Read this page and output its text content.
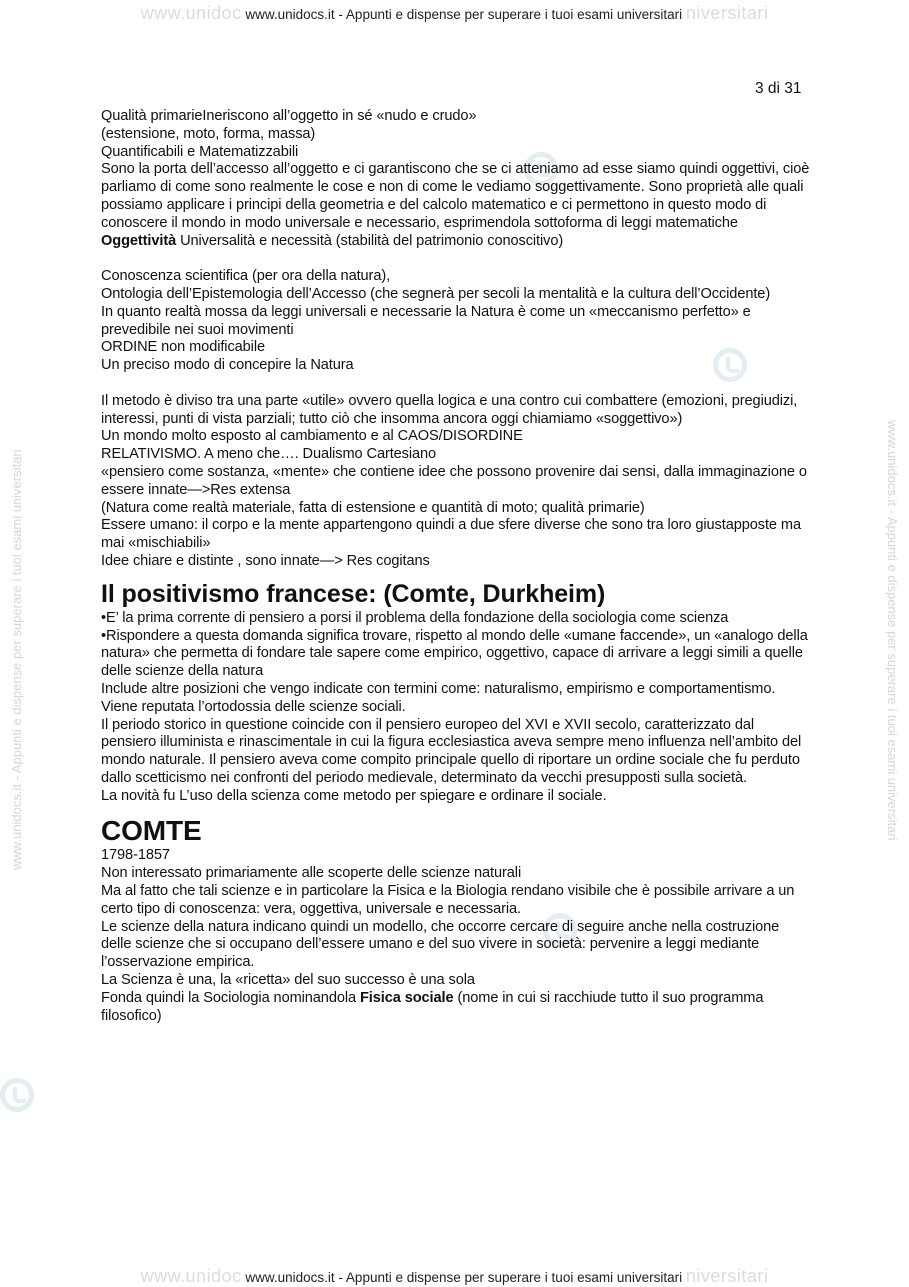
www.unidoc www.unidocs.it - Appunti e dispense per superare i tuoi esami universitari niversitari
www.unidoc www.unidocs.it - Appunti e dispense per superare i tuoi esami universitari niversitari
www.unidocs.it - Appunti e dispense per superare i tuoi esami universitari	www.unidocs.it - Appunti e dispense per superare i tuoi esami universitari
3 di 31

Qualità primarieIneriscono all’oggetto in sé «nudo e crudo»

(estensione, moto, forma, massa)

Quantificabili e Matematizzabili

Sono la porta dell’accesso all’oggetto e ci garantiscono che se ci atteniamo ad esse siamo quindi oggettivi, cioè parliamo di come sono realmente le cose e non di come le vediamo soggettivamente. Sono proprietà alle quali possiamo applicare i principi della geometria e del calcolo matematico e ci permettono in questo modo di conoscere il mondo in modo universale e necessario, esprimendola sottoforma di leggi matematiche

Oggettività Universalità e necessità (stabilità del patrimonio conoscitivo)

Conoscenza scientifica (per ora della natura),

Ontologia dell’Epistemologia dell’Accesso (che segnerà per secoli la mentalità e la cultura dell’Occidente)

In quanto realtà mossa da leggi universali e necessarie la Natura è come un «meccanismo perfetto» e prevedibile nei suoi movimenti

ORDINE non modificabile

Un preciso modo di concepire la Natura

Il metodo è diviso tra una parte «utile» ovvero quella logica e una contro cui combattere (emozioni, pregiudizi, interessi, punti di vista parziali; tutto ciò che insomma ancora oggi chiamiamo «soggettivo»)

Un mondo molto esposto al cambiamento e al CAOS/DISORDINE

RELATIVISMO. A meno che…. Dualismo Cartesiano

«pensiero come sostanza, «mente» che contiene idee che possono provenire dai sensi, dalla immaginazione o essere innate—>Res extensa

(Natura come realtà materiale, fatta di estensione e quantità di moto; qualità primarie)

Essere umano: il corpo e la mente appartengono quindi a due sfere diverse che sono tra loro giustapposte ma mai «mischiabili»

Idee chiare e distinte , sono innate—> Res cogitans

Il positivismo francese: (Comte, Durkheim)

•E’ la prima corrente di pensiero a porsi il problema della fondazione della sociologia come scienza

•Rispondere a questa domanda significa trovare, rispetto al mondo delle «umane faccende», un «analogo della natura» che permetta di fondare tale sapere come empirico, oggettivo, capace di arrivare a leggi simili a quelle delle scienze della natura

Include altre posizioni che vengo indicate con termini come: naturalismo, empirismo e comportamentismo.

Viene reputata l’ortodossia delle scienze sociali.

Il periodo storico in questione coincide con il pensiero europeo del XVI e XVII secolo, caratterizzato dal pensiero illuminista e rinascimentale in cui la figura ecclesiastica aveva sempre meno influenza nell’ambito del mondo naturale. Il pensiero aveva come compito principale quello di riportare un ordine sociale che fu perduto dallo scetticismo nei confronti del periodo medievale, determinato da vecchi presupposti sulla società.

La novità fu L’uso della scienza come metodo per spiegare e ordinare il sociale.

COMTE

1798-1857

Non interessato primariamente alle scoperte delle scienze naturali

Ma al fatto che tali scienze e in particolare la Fisica e la Biologia rendano visibile che è possibile arrivare a un certo tipo di conoscenza: vera, oggettiva, universale e necessaria.

Le scienze della natura indicano quindi un modello, che occorre cercare di seguire anche nella costruzione delle scienze che si occupano dell’essere umano e del suo vivere in società: pervenire a leggi mediante l’osservazione empirica.

La Scienza è una, la «ricetta» del suo successo è una sola

Fonda quindi la Sociologia nominandola Fisica sociale (nome in cui si racchiude tutto il suo programma filosofico)
